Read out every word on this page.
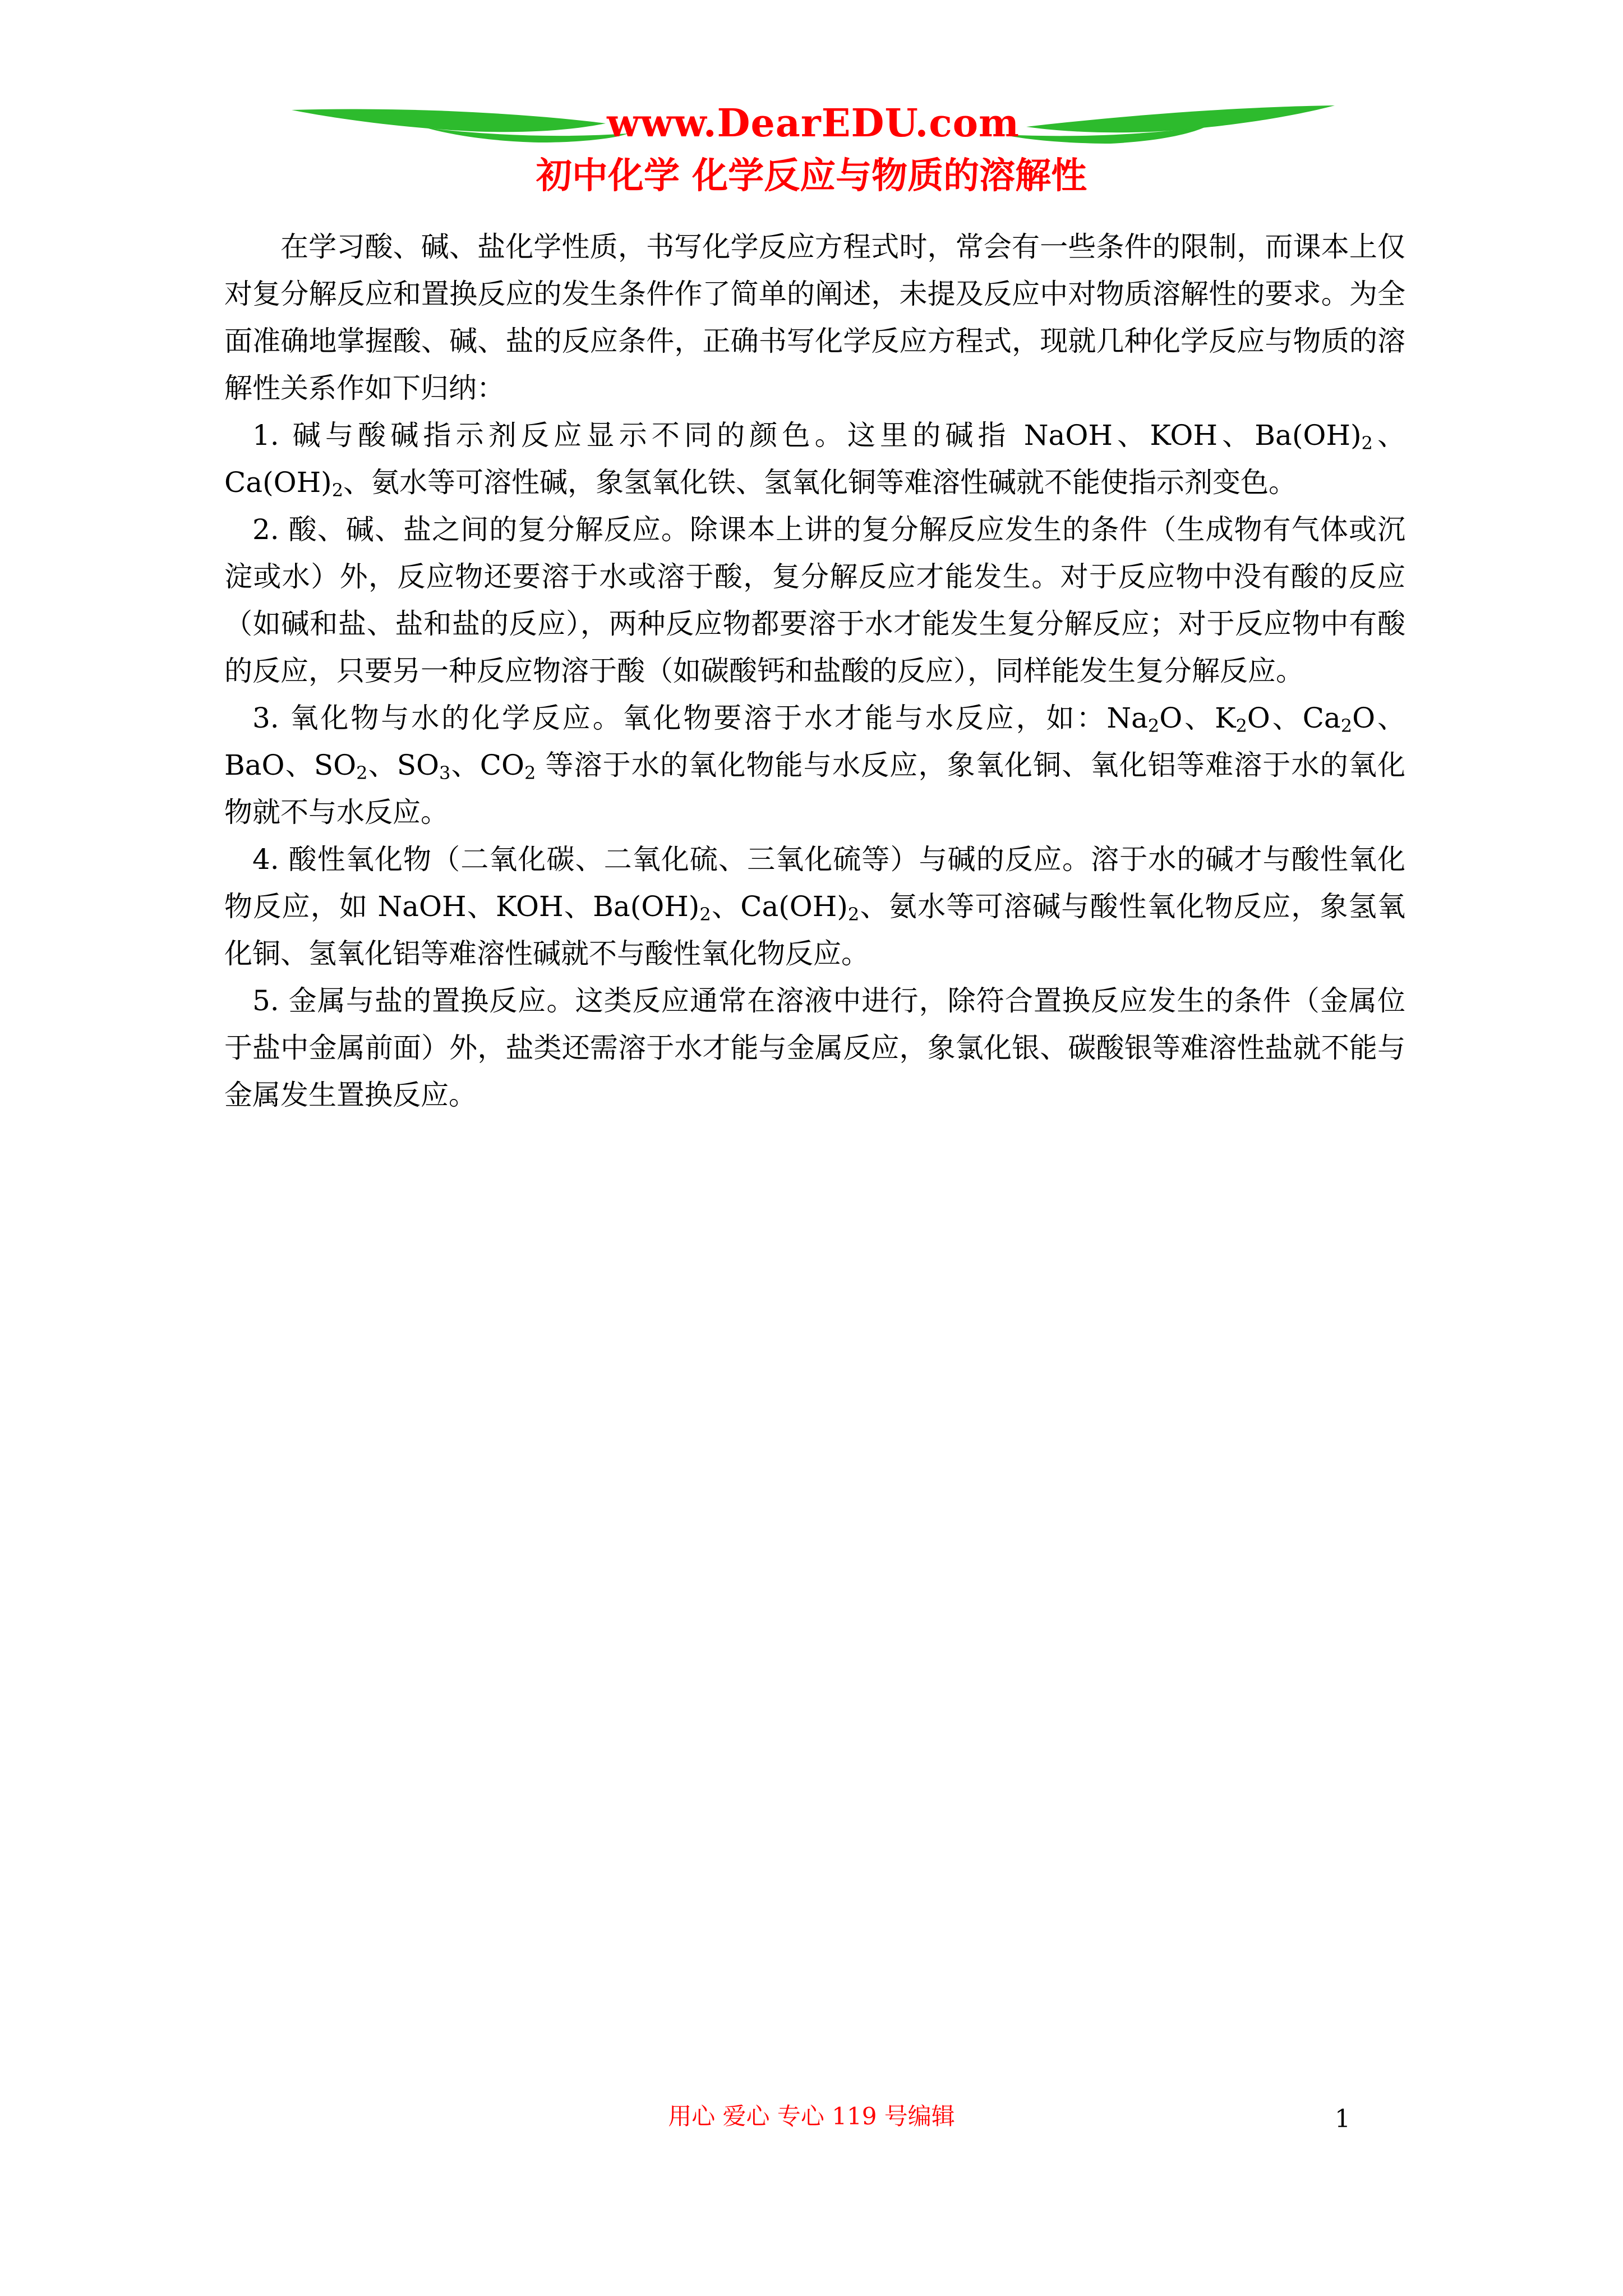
www.DearEDU.com
初中化学 化学反应与物质的溶解性

在学习酸、碱、盐化学性质，书写化学反应方程式时，常会有一些条件的限制，而课本上仅对复分解反应和置换反应的发生条件作了简单的阐述，未提及反应中对物质溶解性的要求。为全面准确地掌握酸、碱、盐的反应条件，正确书写化学反应方程式，现就几种化学反应与物质的溶解性关系作如下归纳：

1. 碱与酸碱指示剂反应显示不同的颜色。这里的碱指 NaOH、KOH、$Ba(OH)_2$、$Ca(OH)_2$、氨水等可溶性碱，象氢氧化铁、氢氧化铜等难溶性碱就不能使指示剂变色。

2. 酸、碱、盐之间的复分解反应。除课本上讲的复分解反应发生的条件（生成物有气体或沉淀或水）外，反应物还要溶于水或溶于酸，复分解反应才能发生。对于反应物中没有酸的反应（如碱和盐、盐和盐的反应），两种反应物都要溶于水才能发生复分解反应；对于反应物中有酸的反应，只要另一种反应物溶于酸（如碳酸钙和盐酸的反应），同样能发生复分解反应。

3. 氧化物与水的化学反应。氧化物要溶于水才能与水反应，如：$Na_2O$、$K_2O$、$Ca_2O$、BaO、$SO_2$、$SO_3$、$CO_2$ 等溶于水的氧化物能与水反应，象氧化铜、氧化铝等难溶于水的氧化物就不与水反应。

4. 酸性氧化物（二氧化碳、二氧化硫、三氧化硫等）与碱的反应。溶于水的碱才与酸性氧化物反应，如 NaOH、KOH、$Ba(OH)_2$、$Ca(OH)_2$、氨水等可溶碱与酸性氧化物反应，象氢氧化铜、氢氧化铝等难溶性碱就不与酸性氧化物反应。

5. 金属与盐的置换反应。这类反应通常在溶液中进行，除符合置换反应发生的条件（金属位于盐中金属前面）外，盐类还需溶于水才能与金属反应，象氯化银、碳酸银等难溶性盐就不能与金属发生置换反应。

用心 爱心 专心 119 号编辑	1
